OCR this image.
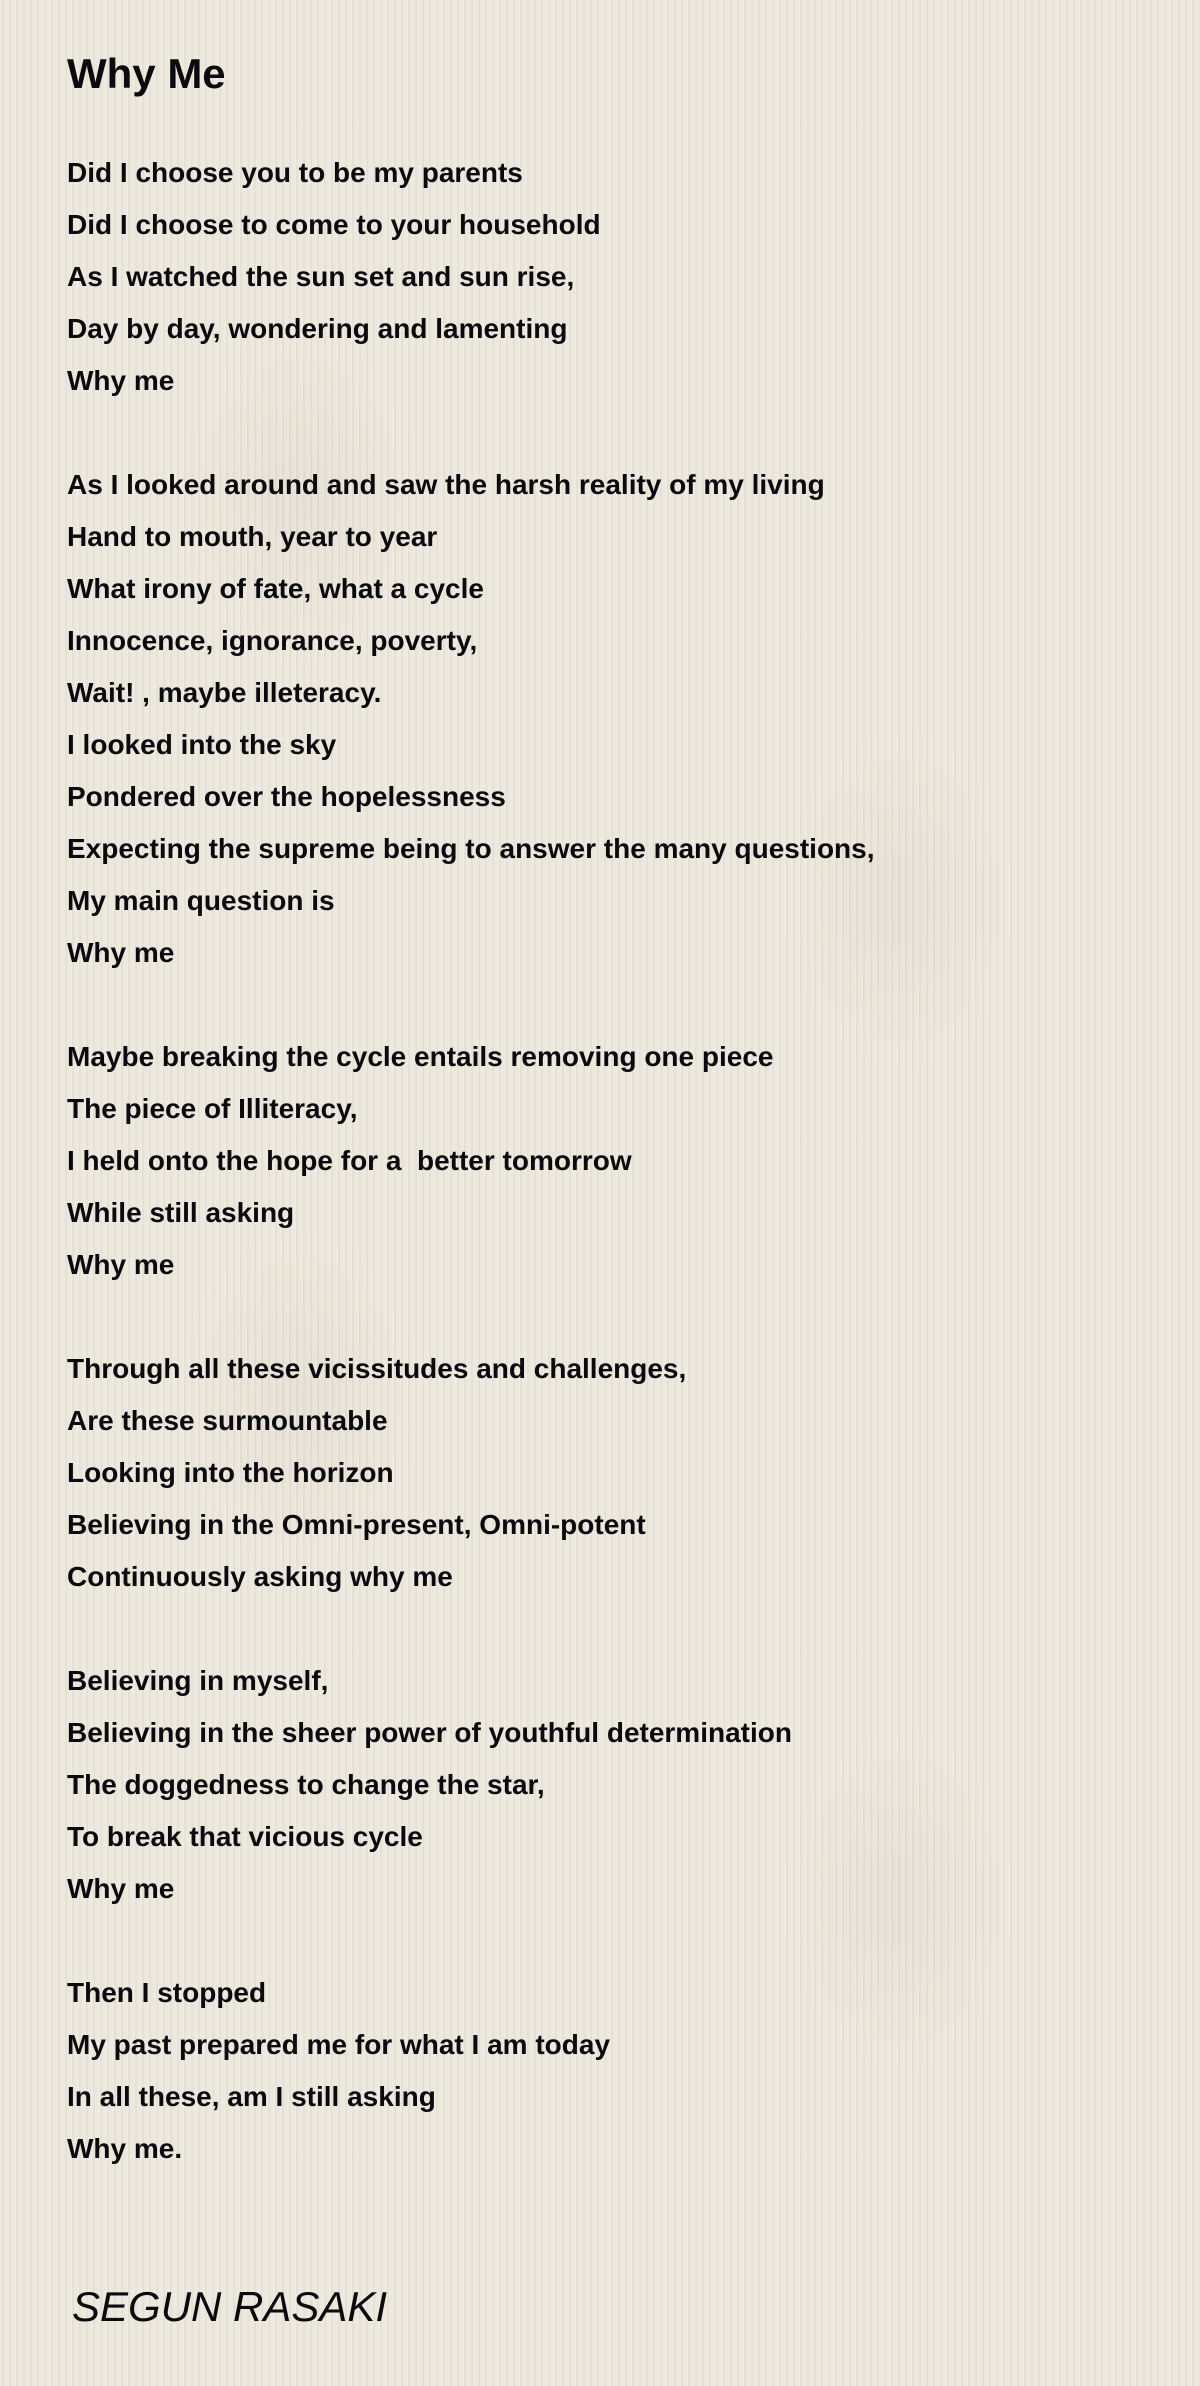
Why Me
Did I choose you to be my parents
Did I choose to come to your household
As I watched the sun set and sun rise,
Day by day, wondering and lamenting
Why me
As I looked around and saw the harsh reality of my living
Hand to mouth, year to year
What irony of fate, what a cycle
Innocence, ignorance, poverty,
Wait! , maybe illeteracy.
I looked into the sky
Pondered over the hopelessness
Expecting the supreme being to answer the many questions,
My main question is
Why me
Maybe breaking the cycle entails removing one piece
The piece of Illiteracy,
I held onto the hope for a  better tomorrow
While still asking
Why me
Through all these vicissitudes and challenges,
Are these surmountable
Looking into the horizon
Believing in the Omni-present, Omni-potent
Continuously asking why me
Believing in myself,
Believing in the sheer power of youthful determination
The doggedness to change the star,
To break that vicious cycle
Why me
Then I stopped
My past prepared me for what I am today
In all these, am I still asking
Why me.
SEGUN RASAKI
